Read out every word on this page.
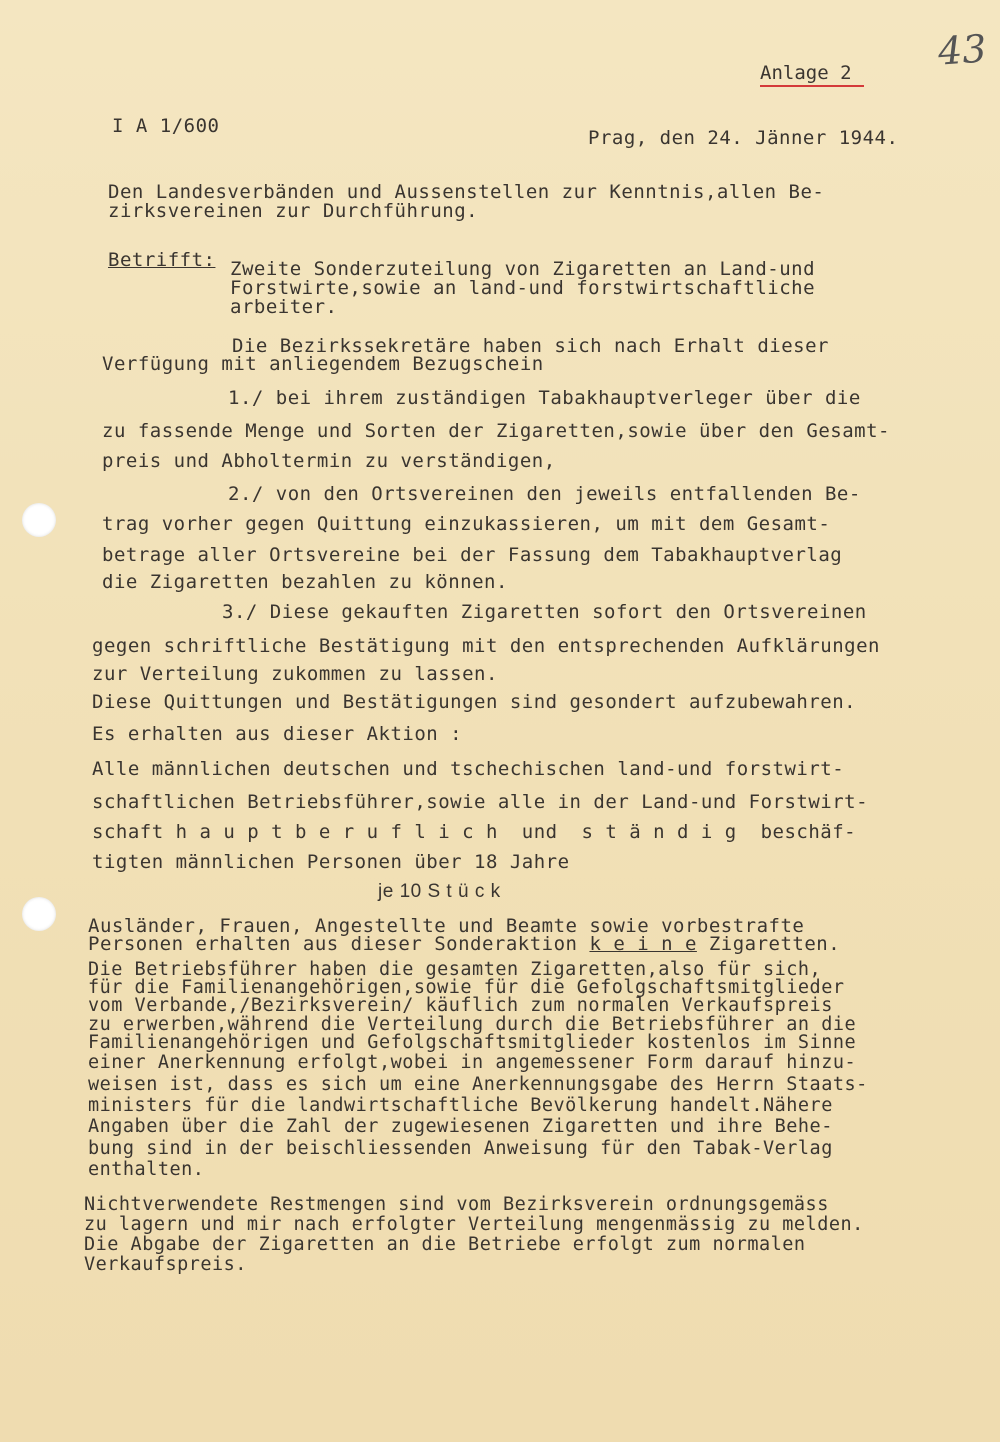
43
Anlage 2
I A 1/600
Prag, den 24. Jänner 1944.
Den Landesverbänden und Aussenstellen zur Kenntnis,allen Be-
zirksvereinen zur Durchführung.
Betrifft: Zweite Sonderzuteilung von Zigaretten an Land-und
Forstwirte,sowie an land-und forstwirtschaftliche
arbeiter.
Die Bezirkssekretäre haben sich nach Erhalt dieser
Verfügung mit anliegendem Bezugschein
1./ bei ihrem zuständigen Tabakhauptverleger über die
zu fassende Menge und Sorten der Zigaretten,sowie über den Gesamt-
preis und Abholtermin zu verständigen,
2./ von den Ortsvereinen den jeweils entfallenden Be-
trag vorher gegen Quittung einzukassieren, um mit dem Gesamt-
betrage aller Ortsvereine bei der Fassung dem Tabakhauptverlag
die Zigaretten bezahlen zu können.
3./ Diese gekauften Zigaretten sofort den Ortsvereinen
gegen schriftliche Bestätigung mit den entsprechenden Aufklärungen
zur Verteilung zukommen zu lassen.
Diese Quittungen und Bestätigungen sind gesondert aufzubewahren.
Es erhalten aus dieser Aktion :
Alle männlichen deutschen und tschechischen land-und forstwirt-
schaftlichen Betriebsführer,sowie alle in der Land-und Forstwirt-
schaft h a u p t b e r u f l i c h  und  s t ä n d i g  beschäf-
tigten männlichen Personen über 18 Jahre
je 10 S t ü c k
Ausländer, Frauen, Angestellte und Beamte sowie vorbestrafte
Personen erhalten aus dieser Sonderaktion k e i n e Zigaretten.
Die Betriebsführer haben die gesamten Zigaretten,also für sich,
für die Familienangehörigen,sowie für die Gefolgschaftsmitglieder
vom Verbande,/Bezirksverein/ käuflich zum normalen Verkaufspreis
zu erwerben,während die Verteilung durch die Betriebsführer an die
Familienangehörigen und Gefolgschaftsmitglieder kostenlos im Sinne
einer Anerkennung erfolgt,wobei in angemessener Form darauf hinzu-
weisen ist, dass es sich um eine Anerkennungsgabe des Herrn Staats-
ministers für die landwirtschaftliche Bevölkerung handelt.Nähere
Angaben über die Zahl der zugewiesenen Zigaretten und ihre Behe-
bung sind in der beischliessenden Anweisung für den Tabak-Verlag
enthalten.
Nichtverwendete Restmengen sind vom Bezirksverein ordnungsgemäss
zu lagern und mir nach erfolgter Verteilung mengenmässig zu melden.
Die Abgabe der Zigaretten an die Betriebe erfolgt zum normalen
Verkaufspreis.
